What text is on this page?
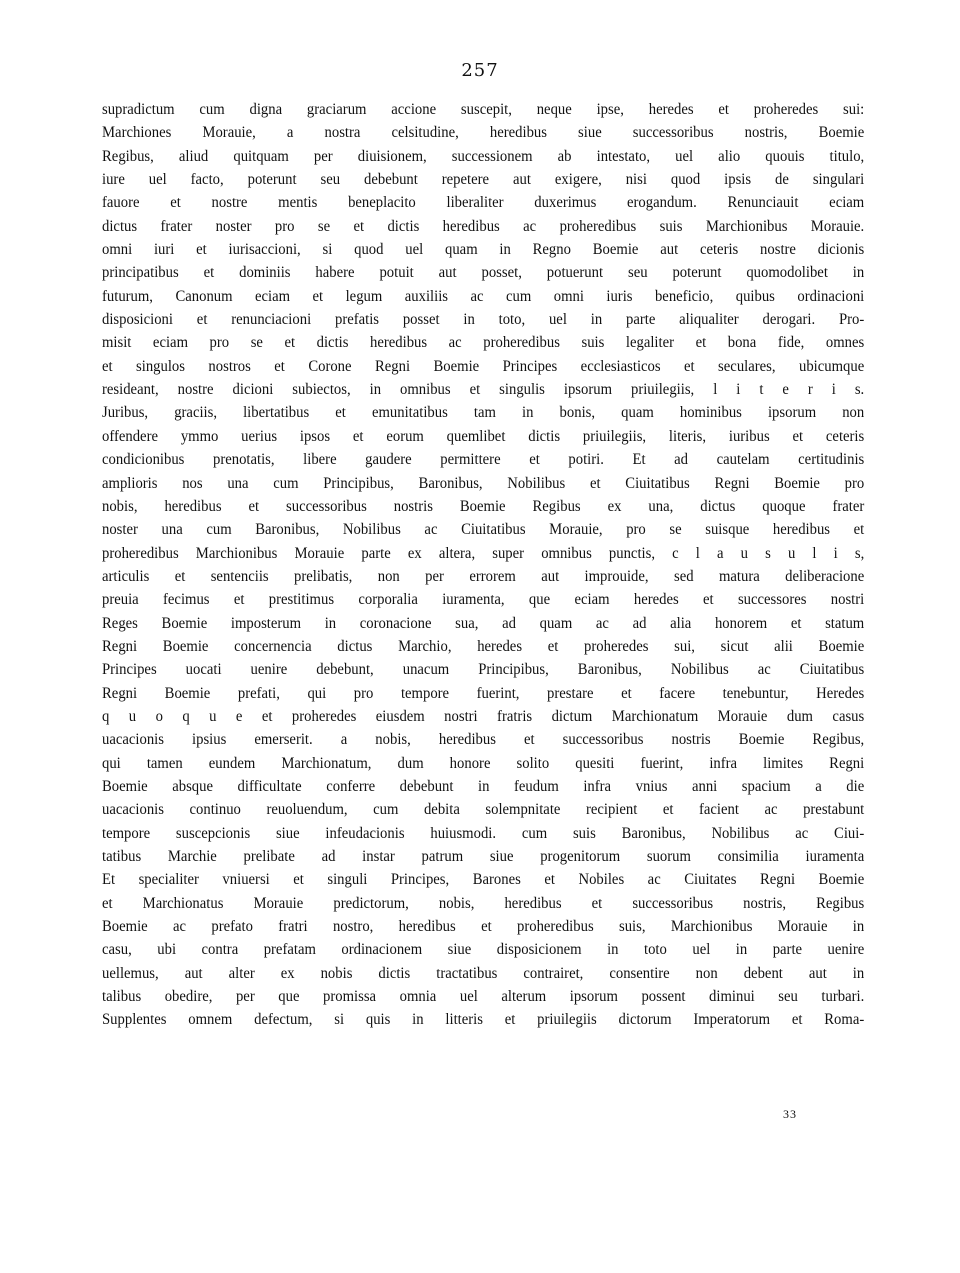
257
supradictum cum digna graciarum accione suscepit, neque ipse, heredes et proheredes sui:
Marchiones Morauie, a nostra celsitudine, heredibus siue successoribus nostris, Boemie
Regibus, aliud quitquam per diuisionem, successionem ab intestato, uel alio quouis titulo,
iure uel facto, poterunt seu debebunt repetere aut exigere, nisi quod ipsis de singulari
fauore et nostre mentis beneplacito liberaliter duxerimus erogandum. Renunciauit eciam
dictus frater noster pro se et dictis heredibus ac proheredibus suis Marchionibus Morauie.
omni iuri et iurisaccioni, si quod uel quam in Regno Boemie aut ceteris nostre dicionis
principatibus et dominiis habere potuit aut posset, potuerunt seu poterunt quomodolibet in
futurum, Canonum eciam et legum auxiliis ac cum omni iuris beneficio, quibus ordinacioni
disposicioni et renunciacioni prefatis posset in toto, uel in parte aliqualiter derogari. Pro-
misit eciam pro se et dictis heredibus ac proheredibus suis legaliter et bona fide, omnes
et singulos nostros et Corone Regni Boemie Principes ecclesiasticos et seculares, ubicumque
resideant, nostre dicioni subiectos, in omnibus et singulis ipsorum priuilegiis, l i t e r i s.
Juribus, graciis, libertatibus et emunitatibus tam in bonis, quam hominibus ipsorum non
offendere ymmo uerius ipsos et eorum quemlibet dictis priuilegiis, literis, iuribus et ceteris
condicionibus prenotatis, libere gaudere permittere et potiri. Et ad cautelam certitudinis
amplioris nos una cum Principibus, Baronibus, Nobilibus et Ciuitatibus Regni Boemie pro
nobis, heredibus et successoribus nostris Boemie Regibus ex una, dictus quoque frater
noster una cum Baronibus, Nobilibus ac Ciuitatibus Morauie, pro se suisque heredibus et
proheredibus Marchionibus Morauie parte ex altera, super omnibus punctis, c l a u s u l i s,
articulis et sentenciis prelibatis, non per errorem aut improuide, sed matura deliberacione
preuia fecimus et prestitimus corporalia iuramenta, que eciam heredes et successores nostri
Reges Boemie imposterum in coronacione sua, ad quam ac ad alia honorem et statum
Regni Boemie concernencia dictus Marchio, heredes et proheredes sui, sicut alii Boemie
Principes uocati uenire debebunt, unacum Principibus, Baronibus, Nobilibus ac Ciuitatibus
Regni Boemie prefati, qui pro tempore fuerint, prestare et facere tenebuntur, Heredes
q u o q u e et proheredes eiusdem nostri fratris dictum Marchionatum Morauie dum casus
uacacionis ipsius emerserit. a nobis, heredibus et successoribus nostris Boemie Regibus,
qui tamen eundem Marchionatum, dum honore solito quesiti fuerint, infra limites Regni
Boemie absque difficultate conferre debebunt in feudum infra vnius anni spacium a die
uacacionis continuo reuoluendum, cum debita solempnitate recipient et facient ac prestabunt
tempore suscepcionis siue infeudacionis huiusmodi. cum suis Baronibus, Nobilibus ac Ciui-
tatibus Marchie prelibate ad instar patrum siue progenitorum suorum consimilia iuramenta
Et specialiter vniuersi et singuli Principes, Barones et Nobiles ac Ciuitates Regni Boemie
et Marchionatus Morauie predictorum, nobis, heredibus et successoribus nostris, Regibus
Boemie ac prefato fratri nostro, heredibus et proheredibus suis, Marchionibus Morauie in
casu, ubi contra prefatam ordinacionem siue disposicionem in toto uel in parte uenire
uellemus, aut alter ex nobis dictis tractatibus contrairet, consentire non debent aut in
talibus obedire, per que promissa omnia uel alterum ipsorum possent diminui seu turbari.
Supplentes omnem defectum, si quis in litteris et priuilegiis dictorum Imperatorum et Roma-
33
